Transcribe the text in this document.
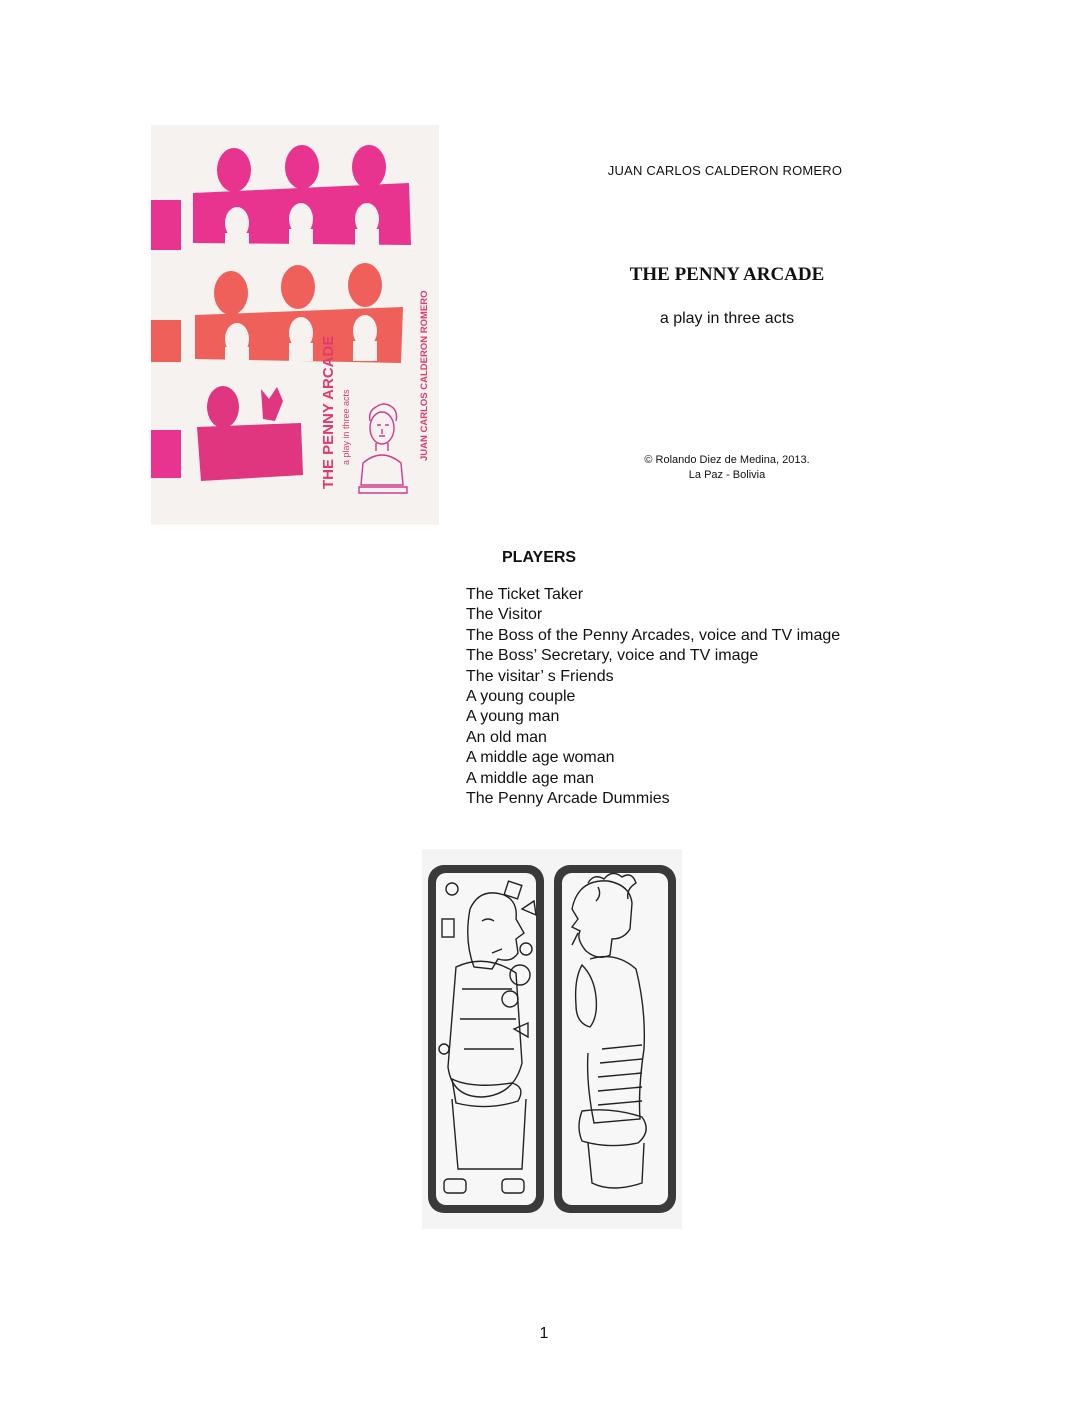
THE PENNY ARCADE a play in three acts	JUAN CARLOS CALDERON ROMERO
JUAN CARLOS CALDERON ROMERO
THE PENNY ARCADE
a play in three acts
© Rolando Diez de Medina, 2013.
La Paz - Bolivia
PLAYERS
The Ticket Taker
The Visitor
The Boss of the Penny Arcades, voice and TV image
The Boss’ Secretary, voice and TV image
The visitar’ s Friends
A young couple
A young man
An old man
A middle age woman
A middle age man
The Penny Arcade Dummies
1
